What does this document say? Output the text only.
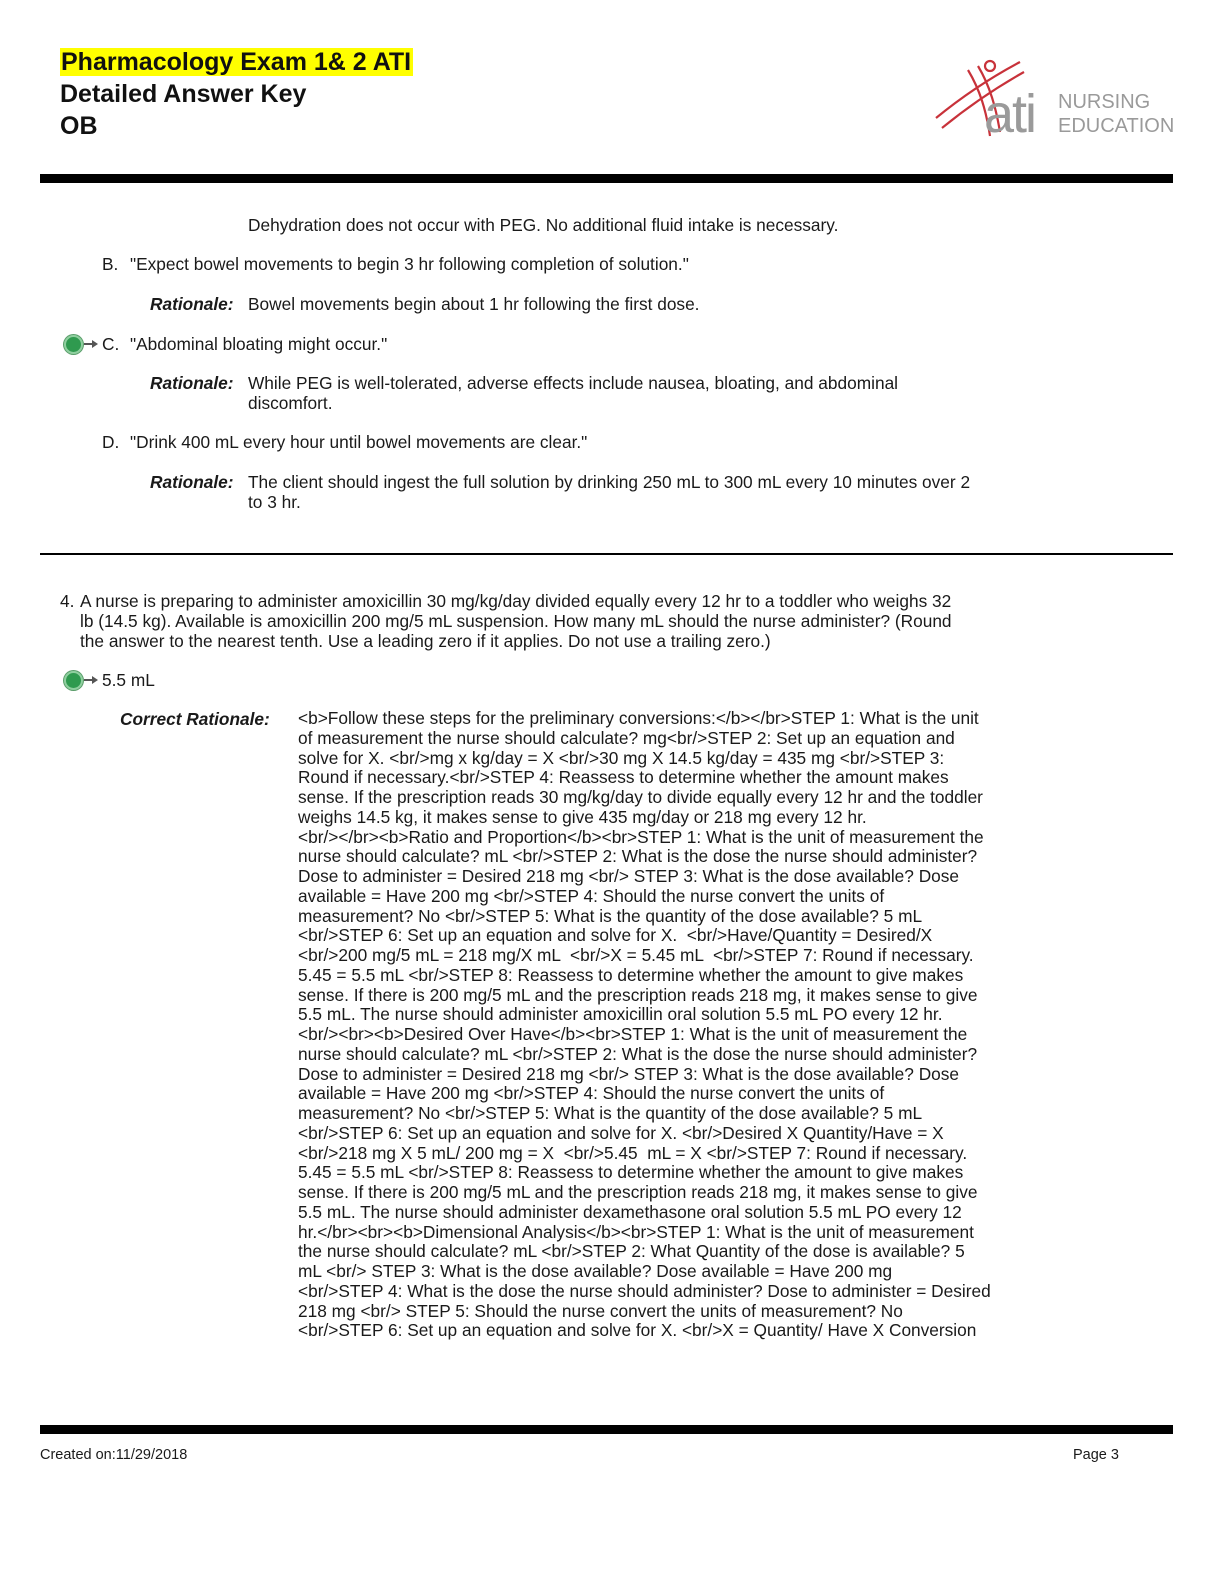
Pharmacology Exam 1& 2 ATI
Detailed Answer Key
OB	ati NURSING
EDUCATION
Dehydration does not occur with PEG. No additional fluid intake is necessary.
B. "Expect bowel movements to begin 3 hr following completion of solution."
Rationale: Bowel movements begin about 1 hr following the first dose.
C. "Abdominal bloating might occur."
Rationale: While PEG is well-tolerated, adverse effects include nausea, bloating, and abdominal
discomfort.
D. "Drink 400 mL every hour until bowel movements are clear."
Rationale: The client should ingest the full solution by drinking 250 mL to 300 mL every 10 minutes over 2
to 3 hr.
4. A nurse is preparing to administer amoxicillin 30 mg/kg/day divided equally every 12 hr to a toddler who weighs 32
lb (14.5 kg). Available is amoxicillin 200 mg/5 mL suspension. How many mL should the nurse administer? (Round
the answer to the nearest tenth. Use a leading zero if it applies. Do not use a trailing zero.)
5.5 mL
Correct Rationale: <b>Follow these steps for the preliminary conversions:</b></br>STEP 1: What is the unit
of measurement the nurse should calculate? mg<br/>STEP 2: Set up an equation and
solve for X. <br/>mg x kg/day = X <br/>30 mg X 14.5 kg/day = 435 mg <br/>STEP 3:
Round if necessary.<br/>STEP 4: Reassess to determine whether the amount makes
sense. If the prescription reads 30 mg/kg/day to divide equally every 12 hr and the toddler
weighs 14.5 kg, it makes sense to give 435 mg/day or 218 mg every 12 hr.
<br/></br><b>Ratio and Proportion</b><br>STEP 1: What is the unit of measurement the
nurse should calculate? mL <br/>STEP 2: What is the dose the nurse should administer?
Dose to administer = Desired 218 mg <br/> STEP 3: What is the dose available? Dose
available = Have 200 mg <br/>STEP 4: Should the nurse convert the units of
measurement? No <br/>STEP 5: What is the quantity of the dose available? 5 mL
<br/>STEP 6: Set up an equation and solve for X.  <br/>Have/Quantity = Desired/X
<br/>200 mg/5 mL = 218 mg/X mL  <br/>X = 5.45 mL  <br/>STEP 7: Round if necessary.
5.45 = 5.5 mL <br/>STEP 8: Reassess to determine whether the amount to give makes
sense. If there is 200 mg/5 mL and the prescription reads 218 mg, it makes sense to give
5.5 mL. The nurse should administer amoxicillin oral solution 5.5 mL PO every 12 hr.
<br/><br><b>Desired Over Have</b><br>STEP 1: What is the unit of measurement the
nurse should calculate? mL <br/>STEP 2: What is the dose the nurse should administer?
Dose to administer = Desired 218 mg <br/> STEP 3: What is the dose available? Dose
available = Have 200 mg <br/>STEP 4: Should the nurse convert the units of
measurement? No <br/>STEP 5: What is the quantity of the dose available? 5 mL
<br/>STEP 6: Set up an equation and solve for X. <br/>Desired X Quantity/Have = X
<br/>218 mg X 5 mL/ 200 mg = X  <br/>5.45  mL = X <br/>STEP 7: Round if necessary.
5.45 = 5.5 mL <br/>STEP 8: Reassess to determine whether the amount to give makes
sense. If there is 200 mg/5 mL and the prescription reads 218 mg, it makes sense to give
5.5 mL. The nurse should administer dexamethasone oral solution 5.5 mL PO every 12
hr.</br><br><b>Dimensional Analysis</b><br>STEP 1: What is the unit of measurement
the nurse should calculate? mL <br/>STEP 2: What Quantity of the dose is available? 5
mL <br/> STEP 3: What is the dose available? Dose available = Have 200 mg
<br/>STEP 4: What is the dose the nurse should administer? Dose to administer = Desired
218 mg <br/> STEP 5: Should the nurse convert the units of measurement? No
<br/>STEP 6: Set up an equation and solve for X. <br/>X = Quantity/ Have X Conversion
Created on:11/29/2018	Page 3
